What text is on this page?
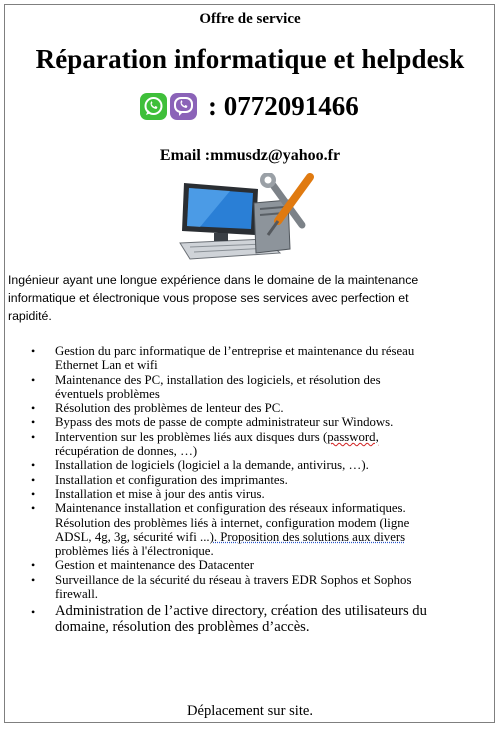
Offre de service
Réparation informatique et helpdesk
: 0772091466
Email :mmusdz@yahoo.fr
Ingénieur ayant une longue expérience dans le domaine de la maintenance
informatique et électronique vous propose ses services avec perfection et
rapidité.
• Gestion du parc informatique de l’entreprise et maintenance du réseau
Ethernet Lan et wifi
• Maintenance des PC, installation des logiciels, et résolution des
éventuels problèmes
• Résolution des problèmes de lenteur des PC.
• Bypass des mots de passe de compte administrateur sur Windows.
• Intervention sur les problèmes liés aux disques durs (password,
récupération de donnes, …)
• Installation de logiciels (logiciel a la demande, antivirus, …).
• Installation et configuration des imprimantes.
• Installation et mise à jour des antis virus.
• Maintenance installation et configuration des réseaux informatiques.
Résolution des problèmes liés à internet, configuration modem (ligne
ADSL, 4g, 3g, sécurité wifi ...). Proposition des solutions aux divers
problèmes liés à l'électronique.
• Gestion et maintenance des Datacenter
• Surveillance de la sécurité du réseau à travers EDR Sophos et Sophos
firewall.
• Administration de l’active directory, création des utilisateurs du
domaine, résolution des problèmes d’accès.
Déplacement sur site.
